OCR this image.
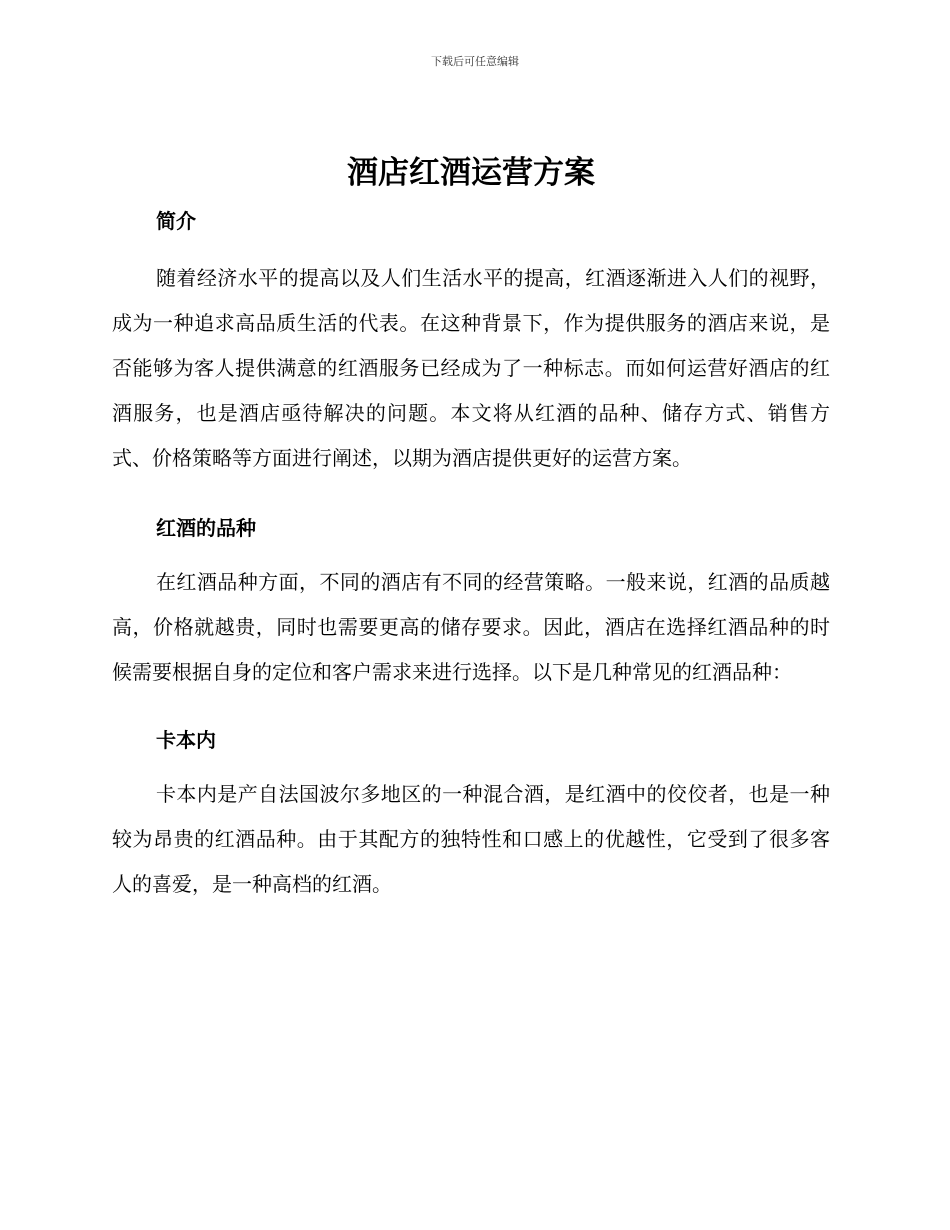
下载后可任意编辑
酒店红酒运营方案
简介

随着经济水平的提高以及人们生活水平的提高，红酒逐渐进入人们的视野，成为一种追求高品质生活的代表。在这种背景下，作为提供服务的酒店来说，是否能够为客人提供满意的红酒服务已经成为了一种标志。而如何运营好酒店的红酒服务，也是酒店亟待解决的问题。本文将从红酒的品种、储存方式、销售方式、价格策略等方面进行阐述，以期为酒店提供更好的运营方案。

红酒的品种

在红酒品种方面，不同的酒店有不同的经营策略。一般来说，红酒的品质越高，价格就越贵，同时也需要更高的储存要求。因此，酒店在选择红酒品种的时候需要根据自身的定位和客户需求来进行选择。以下是几种常见的红酒品种：

卡本内

卡本内是产自法国波尔多地区的一种混合酒，是红酒中的佼佼者，也是一种较为昂贵的红酒品种。由于其配方的独特性和口感上的优越性，它受到了很多客人的喜爱，是一种高档的红酒。
